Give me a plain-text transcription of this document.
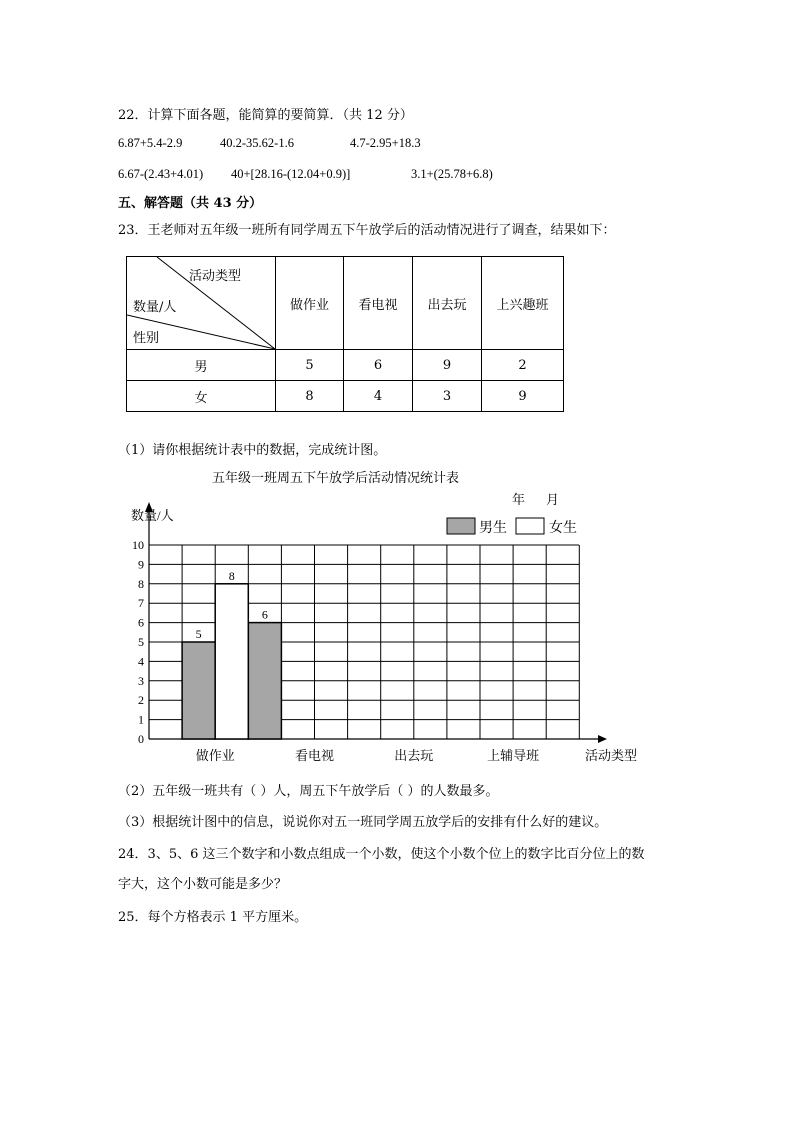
22．计算下面各题，能简算的要简算．（共 12 分）
6.87+5.4-2.9	40.2-35.62-1.6	4.7-2.95+18.3
6.67-(2.43+4.01) 40+[28.16-(12.04+0.9)]	3.1+(25.78+6.8)
五、解答题（共 43 分）
23．王老师对五年级一班所有同学周五下午放学后的活动情况进行了调查，结果如下：
活动类型
数量/人
性别	做作业	看电视	出去玩	上兴趣班
男	5	6	9	2
女	8	4	3	9
（1）请你根据统计表中的数据，完成统计图。
五年级一班周五下午放学后活动情况统计表
年 月
0
1
2
3
4
5
6
7
8
9
10
数量/人
做作业	看电视	出去玩	上辅导班	活动类型
5
6
8
男生	女生
（2）五年级一班共有（ ）人，周五下午放学后（ ）的人数最多。
（3）根据统计图中的信息，说说你对五一班同学周五放学后的安排有什么好的建议。
24．3、5、6 这三个数字和小数点组成一个小数，使这个小数个位上的数字比百分位上的数
字大，这个小数可能是多少？
25．每个方格表示 1 平方厘米。
